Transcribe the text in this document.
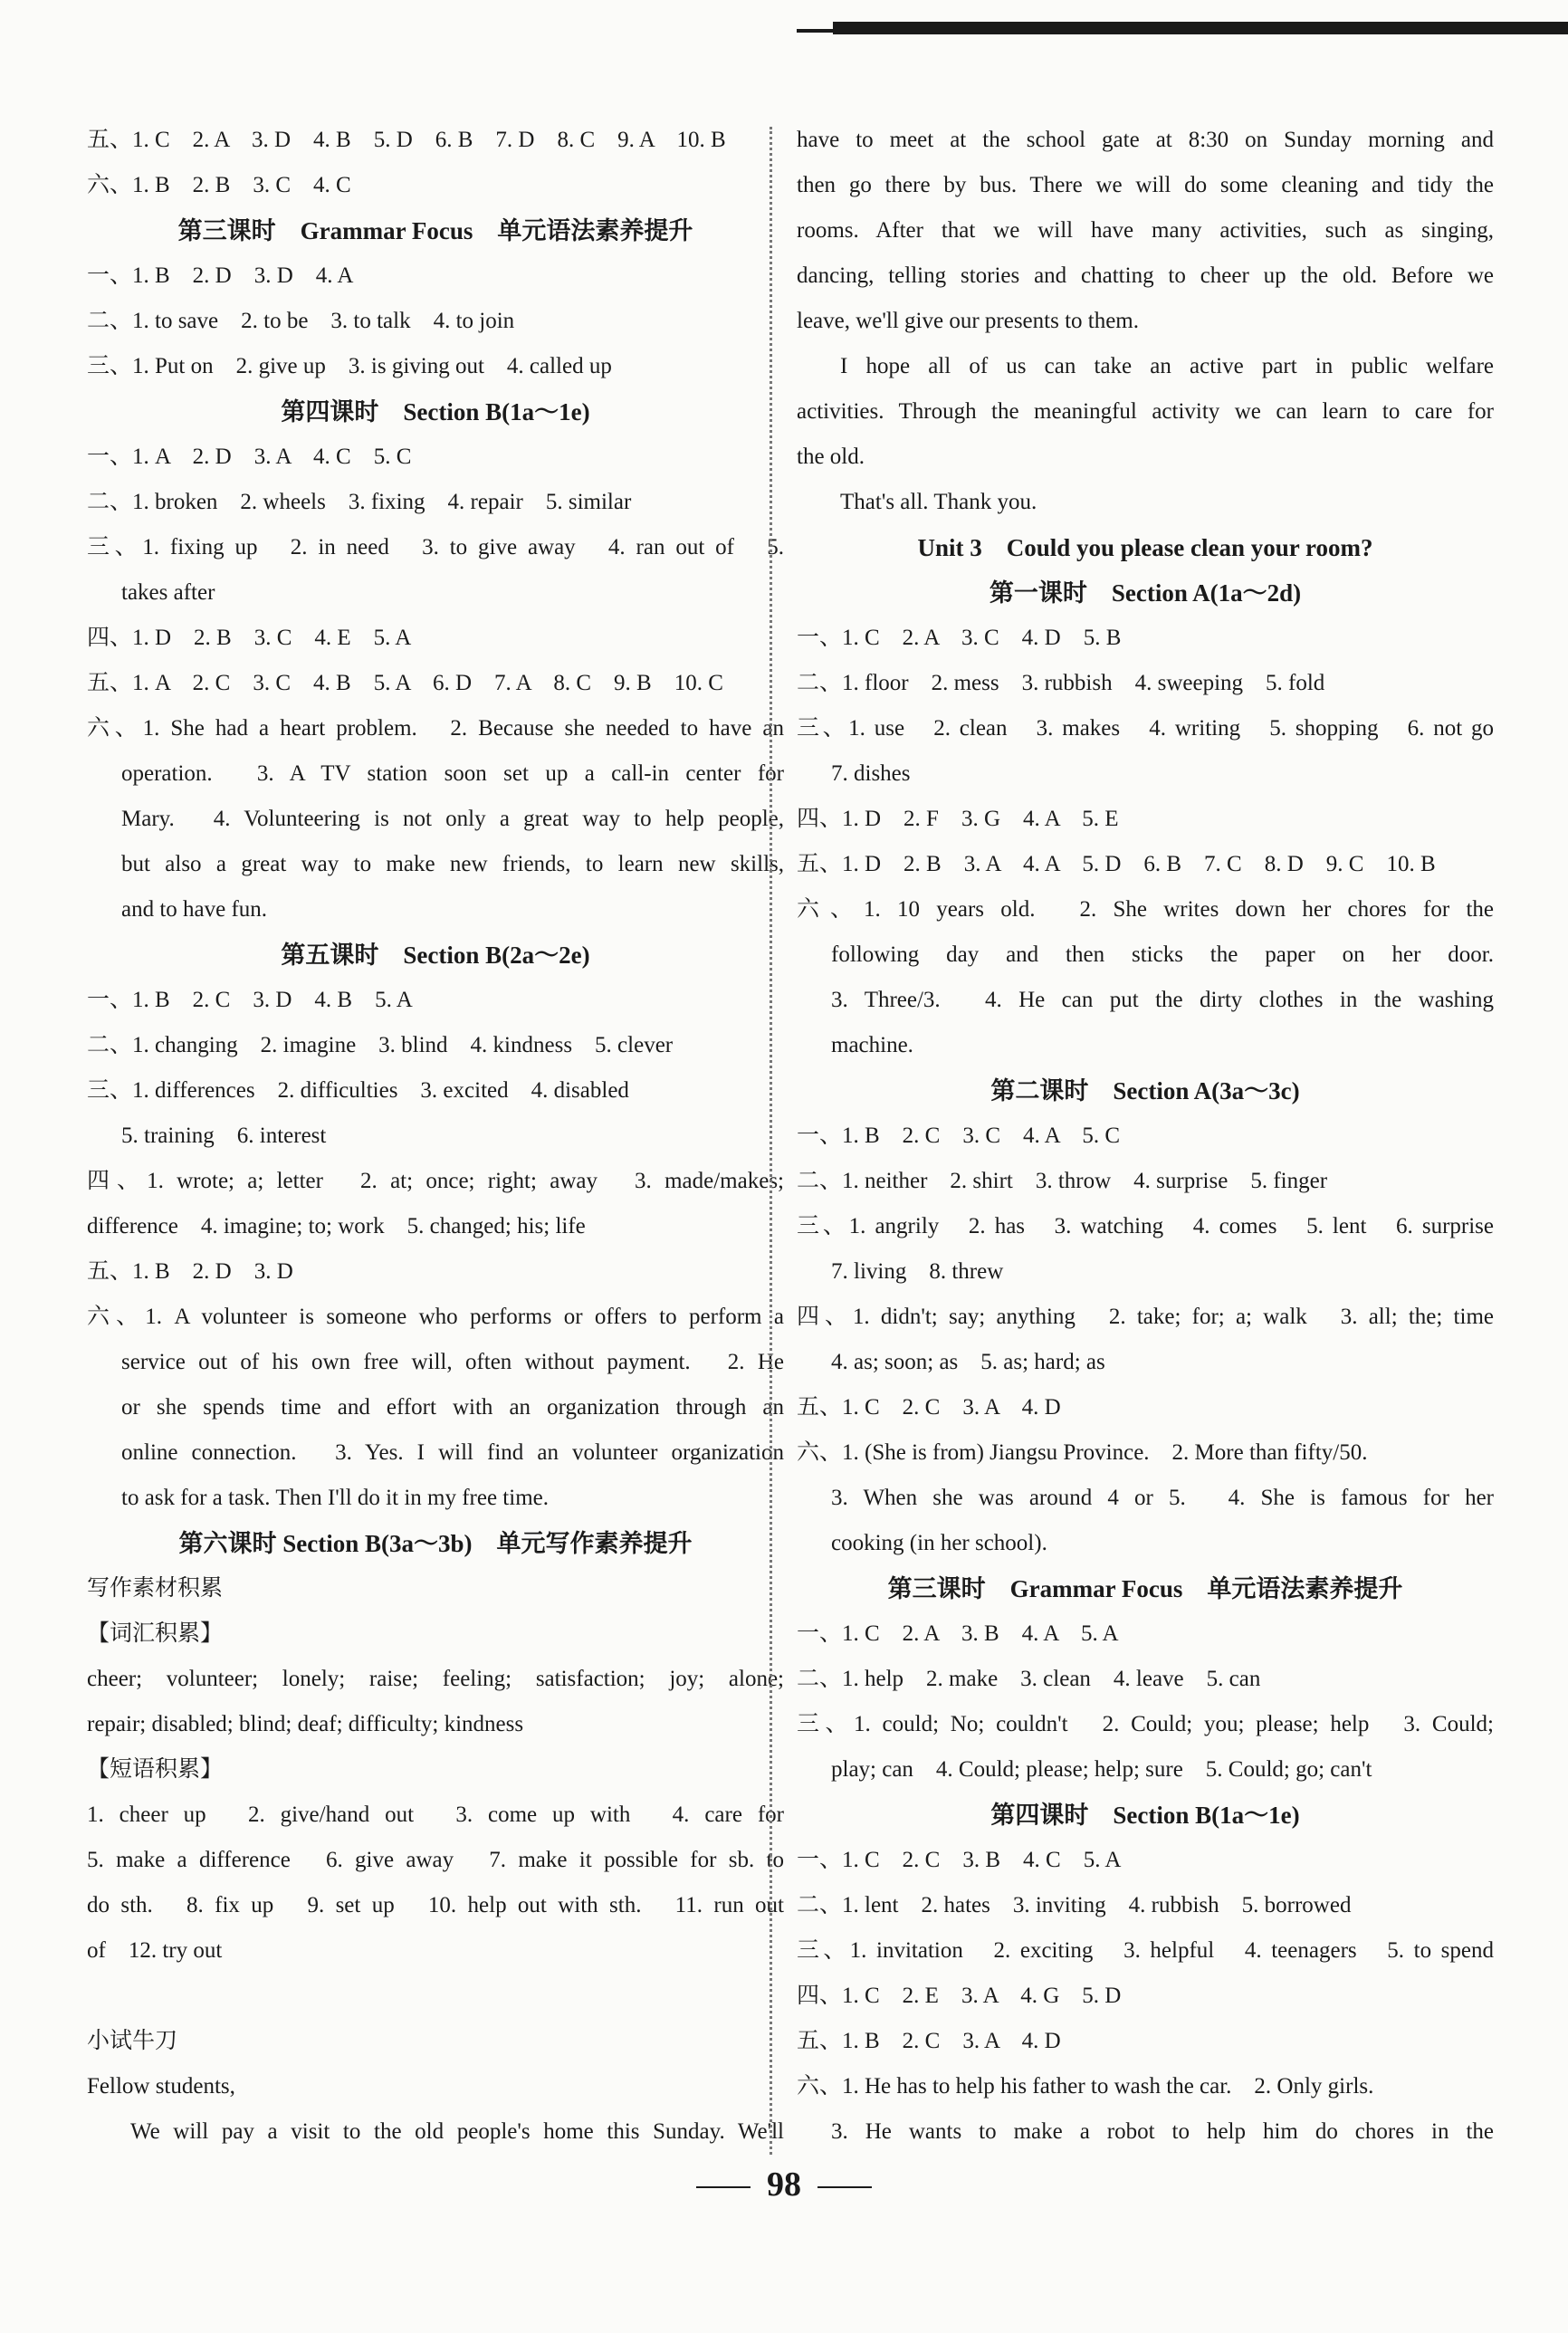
五、1. C　2. A　3. D　4. B　5. D　6. B　7. D　8. C　9. A　10. B
六、1. B　2. B　3. C　4. C
第三课时　Grammar Focus　单元语法素养提升
一、1. B　2. D　3. D　4. A
二、1. to save　2. to be　3. to talk　4. to join
三、1. Put on　2. give up　3. is giving out　4. called up
第四课时　Section B(1a～1e)
一、1. A　2. D　3. A　4. C　5. C
二、1. broken　2. wheels　3. fixing　4. repair　5. similar
三、1. fixing up　2. in need　3. to give away　4. ran out of　5.
takes after
四、1. D　2. B　3. C　4. E　5. A
五、1. A　2. C　3. C　4. B　5. A　6. D　7. A　8. C　9. B　10. C
六、1. She had a heart problem.　2. Because she needed to have an
operation.　3. A TV station soon set up a call-in center for
Mary.　4. Volunteering is not only a great way to help people,
but also a great way to make new friends, to learn new skills,
and to have fun.
第五课时　Section B(2a～2e)
一、1. B　2. C　3. D　4. B　5. A
二、1. changing　2. imagine　3. blind　4. kindness　5. clever
三、1. differences　2. difficulties　3. excited　4. disabled
5. training　6. interest
四、1. wrote; a; letter　2. at; once; right; away　3. made/makes;
difference　4. imagine; to; work　5. changed; his; life
五、1. B　2. D　3. D
六、1. A volunteer is someone who performs or offers to perform a
service out of his own free will, often without payment.　2. He
or she spends time and effort with an organization through an
online connection.　3. Yes. I will find an volunteer organization
to ask for a task. Then I'll do it in my free time.
第六课时 Section B(3a～3b)　单元写作素养提升
写作素材积累
【词汇积累】
cheer; volunteer; lonely; raise; feeling; satisfaction; joy; alone;
repair; disabled; blind; deaf; difficulty; kindness
【短语积累】
1. cheer up　2. give/hand out　3. come up with　4. care for
5. make a difference　6. give away　7. make it possible for sb. to
do sth.　8. fix up　9. set up　10. help out with sth.　11. run out
of　12. try out
小试牛刀
Fellow students,
We will pay a visit to the old people's home this Sunday. We'll
have to meet at the school gate at 8:30 on Sunday morning and
then go there by bus. There we will do some cleaning and tidy the
rooms. After that we will have many activities, such as singing,
dancing, telling stories and chatting to cheer up the old. Before we
leave, we'll give our presents to them.
I hope all of us can take an active part in public welfare
activities. Through the meaningful activity we can learn to care for
the old.
That's all. Thank you.
Unit 3　Could you please clean your room?
第一课时　Section A(1a～2d)
一、1. C　2. A　3. C　4. D　5. B
二、1. floor　2. mess　3. rubbish　4. sweeping　5. fold
三、1. use　2. clean　3. makes　4. writing　5. shopping　6. not go
7. dishes
四、1. D　2. F　3. G　4. A　5. E
五、1. D　2. B　3. A　4. A　5. D　6. B　7. C　8. D　9. C　10. B
六、1. 10 years old.　2. She writes down her chores for the
following day and then sticks the paper on her door.
3. Three/3.　4. He can put the dirty clothes in the washing
machine.
第二课时　Section A(3a～3c)
一、1. B　2. C　3. C　4. A　5. C
二、1. neither　2. shirt　3. throw　4. surprise　5. finger
三、1. angrily　2. has　3. watching　4. comes　5. lent　6. surprise
7. living　8. threw
四、1. didn't; say; anything　2. take; for; a; walk　3. all; the; time
4. as; soon; as　5. as; hard; as
五、1. C　2. C　3. A　4. D
六、1. (She is from) Jiangsu Province.　2. More than fifty/50.
3. When she was around 4 or 5.　4. She is famous for her
cooking (in her school).
第三课时　Grammar Focus　单元语法素养提升
一、1. C　2. A　3. B　4. A　5. A
二、1. help　2. make　3. clean　4. leave　5. can
三、1. could; No; couldn't　2. Could; you; please; help　3. Could;
play; can　4. Could; please; help; sure　5. Could; go; can't
第四课时　Section B(1a～1e)
一、1. C　2. C　3. B　4. C　5. A
二、1. lent　2. hates　3. inviting　4. rubbish　5. borrowed
三、1. invitation　2. exciting　3. helpful　4. teenagers　5. to spend
四、1. C　2. E　3. A　4. G　5. D
五、1. B　2. C　3. A　4. D
六、1. He has to help his father to wash the car.　2. Only girls.
3. He wants to make a robot to help him do chores in the
98
